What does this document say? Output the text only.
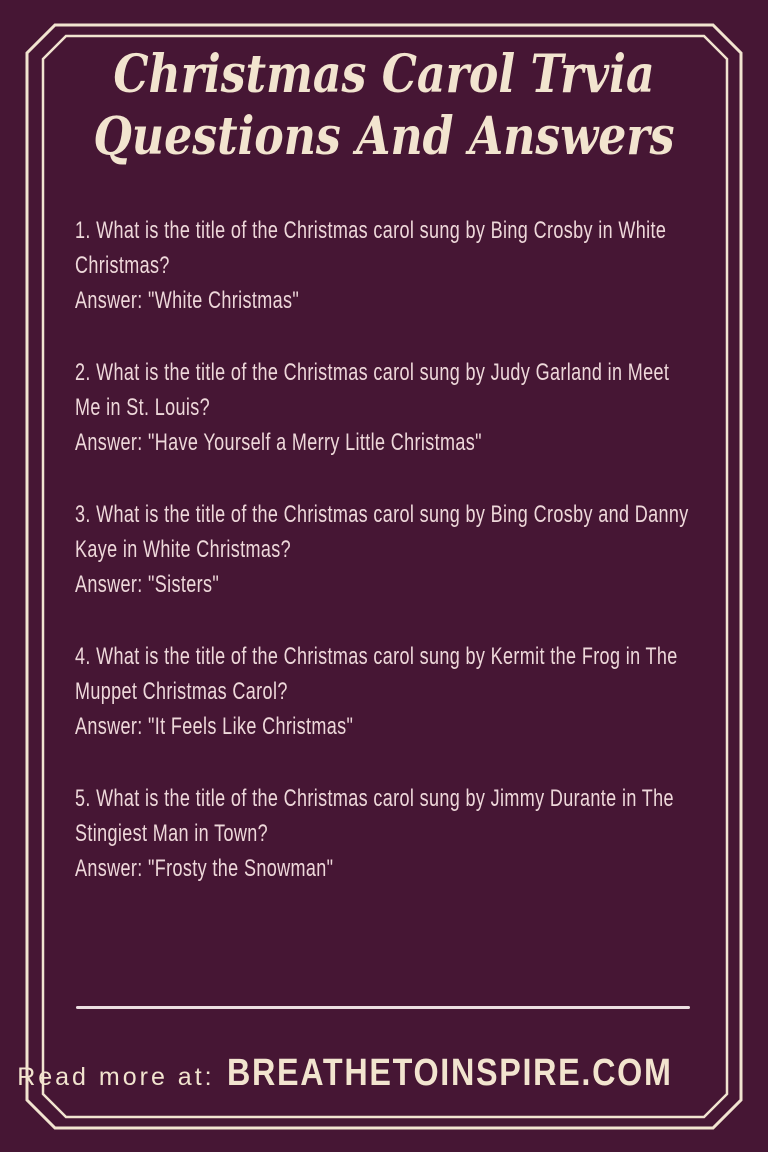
Christmas Carol Trvia
Questions And Answers
1. What is the title of the Christmas carol sung by Bing Crosby in White
Christmas?
Answer: "White Christmas"
2. What is the title of the Christmas carol sung by Judy Garland in Meet
Me in St. Louis?
Answer: "Have Yourself a Merry Little Christmas"
3. What is the title of the Christmas carol sung by Bing Crosby and Danny
Kaye in White Christmas?
Answer: "Sisters"
4. What is the title of the Christmas carol sung by Kermit the Frog in The
Muppet Christmas Carol?
Answer: "It Feels Like Christmas"
5. What is the title of the Christmas carol sung by Jimmy Durante in The
Stingiest Man in Town?
Answer: "Frosty the Snowman"
Read more at: BREATHETOINSPIRE.COM
